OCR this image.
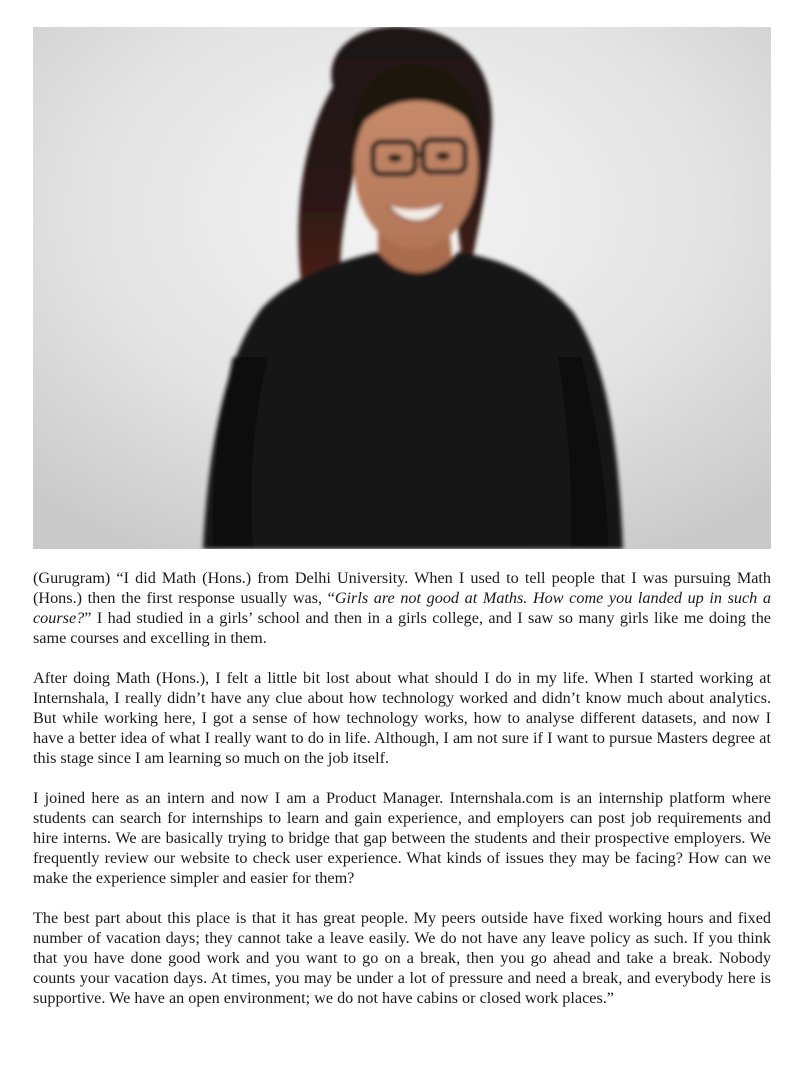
(Gurugram) “I did Math (Hons.) from Delhi University. When I used to tell people that I was pursuing Math (Hons.) then the first response usually was, “Girls are not good at Maths. How come you landed up in such a course?” I had studied in a girls’ school and then in a girls college, and I saw so many girls like me doing the same courses and excelling in them.

After doing Math (Hons.), I felt a little bit lost about what should I do in my life. When I started working at Internshala, I really didn’t have any clue about how technology worked and didn’t know much about analytics. But while working here, I got a sense of how technology works, how to analyse different datasets, and now I have a better idea of what I really want to do in life. Although, I am not sure if I want to pursue Masters degree at this stage since I am learning so much on the job itself.

I joined here as an intern and now I am a Product Manager. Internshala.com is an internship platform where students can search for internships to learn and gain experience, and employers can post job requirements and hire interns. We are basically trying to bridge that gap between the students and their prospective employers. We frequently review our website to check user experience. What kinds of issues they may be facing? How can we make the experience simpler and easier for them?

The best part about this place is that it has great people. My peers outside have fixed working hours and fixed number of vacation days; they cannot take a leave easily. We do not have any leave policy as such. If you think that you have done good work and you want to go on a break, then you go ahead and take a break. Nobody counts your vacation days. At times, you may be under a lot of pressure and need a break, and everybody here is supportive. We have an open environment; we do not have cabins or closed work places.”
